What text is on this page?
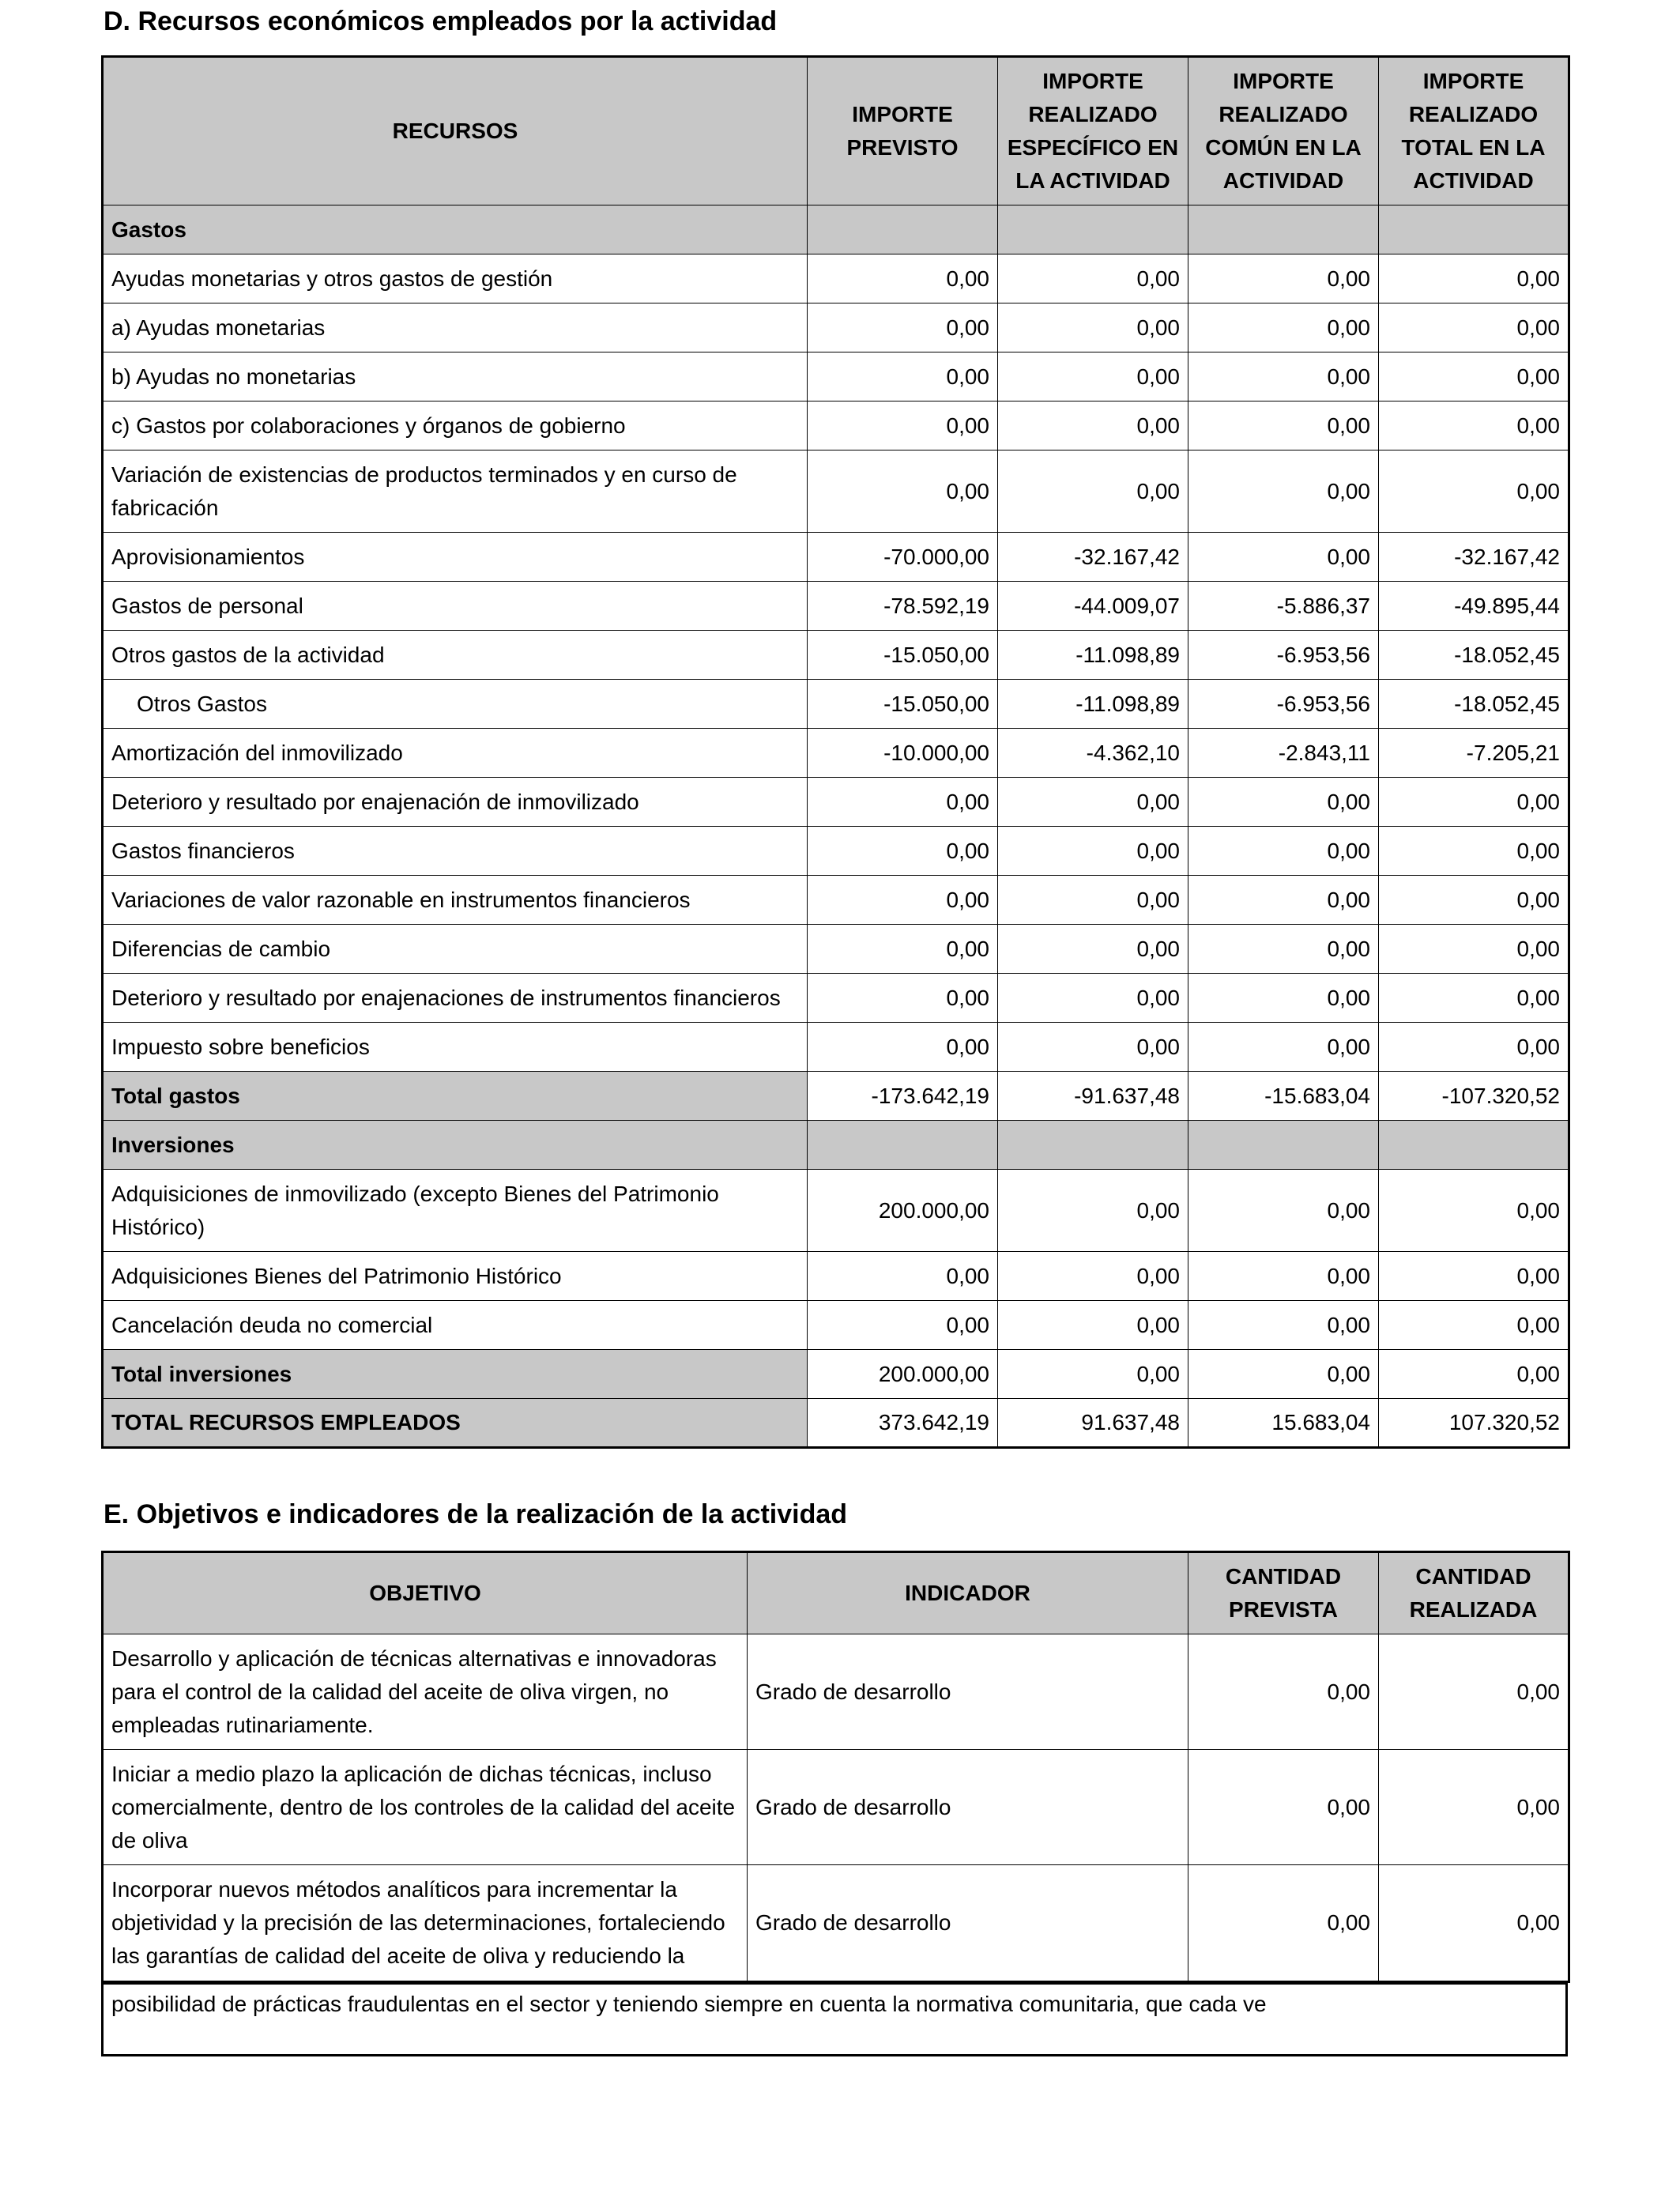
D. Recursos económicos empleados por la actividad
RECURSOS	IMPORTE PREVISTO	IMPORTE REALIZADO ESPECÍFICO EN LA ACTIVIDAD	IMPORTE REALIZADO COMÚN EN LA ACTIVIDAD	IMPORTE REALIZADO TOTAL EN LA ACTIVIDAD
Gastos				
Ayudas monetarias y otros gastos de gestión	0,00	0,00	0,00	0,00
a) Ayudas monetarias	0,00	0,00	0,00	0,00
b) Ayudas no monetarias	0,00	0,00	0,00	0,00
c) Gastos por colaboraciones y órganos de gobierno	0,00	0,00	0,00	0,00
Variación de existencias de productos terminados y en curso de fabricación	0,00	0,00	0,00	0,00
Aprovisionamientos	-70.000,00	-32.167,42	0,00	-32.167,42
Gastos de personal	-78.592,19	-44.009,07	-5.886,37	-49.895,44
Otros gastos de la actividad	-15.050,00	-11.098,89	-6.953,56	-18.052,45
Otros Gastos	-15.050,00	-11.098,89	-6.953,56	-18.052,45
Amortización del inmovilizado	-10.000,00	-4.362,10	-2.843,11	-7.205,21
Deterioro y resultado por enajenación de inmovilizado	0,00	0,00	0,00	0,00
Gastos financieros	0,00	0,00	0,00	0,00
Variaciones de valor razonable en instrumentos financieros	0,00	0,00	0,00	0,00
Diferencias de cambio	0,00	0,00	0,00	0,00
Deterioro y resultado por enajenaciones de instrumentos financieros	0,00	0,00	0,00	0,00
Impuesto sobre beneficios	0,00	0,00	0,00	0,00
Total gastos	-173.642,19	-91.637,48	-15.683,04	-107.320,52
Inversiones				
Adquisiciones de inmovilizado (excepto Bienes del Patrimonio Histórico)	200.000,00	0,00	0,00	0,00
Adquisiciones Bienes del Patrimonio Histórico	0,00	0,00	0,00	0,00
Cancelación deuda no comercial	0,00	0,00	0,00	0,00
Total inversiones	200.000,00	0,00	0,00	0,00
TOTAL RECURSOS EMPLEADOS	373.642,19	91.637,48	15.683,04	107.320,52
E. Objetivos e indicadores de la realización de la actividad
OBJETIVO	INDICADOR	CANTIDAD PREVISTA	CANTIDAD REALIZADA
Desarrollo y aplicación de técnicas alternativas e innovadoras para el control de la calidad del aceite de oliva virgen, no empleadas rutinariamente.	Grado de desarrollo	0,00	0,00
Iniciar a medio plazo la aplicación de dichas técnicas, incluso comercialmente, dentro de los controles de la calidad del aceite de oliva	Grado de desarrollo	0,00	0,00
Incorporar nuevos métodos analíticos para incrementar la objetividad y la precisión de las determinaciones, fortaleciendo las garantías de calidad del aceite de oliva y reduciendo la	Grado de desarrollo	0,00	0,00
posibilidad de prácticas fraudulentas en el sector y teniendo siempre en cuenta la normativa comunitaria, que cada ve
